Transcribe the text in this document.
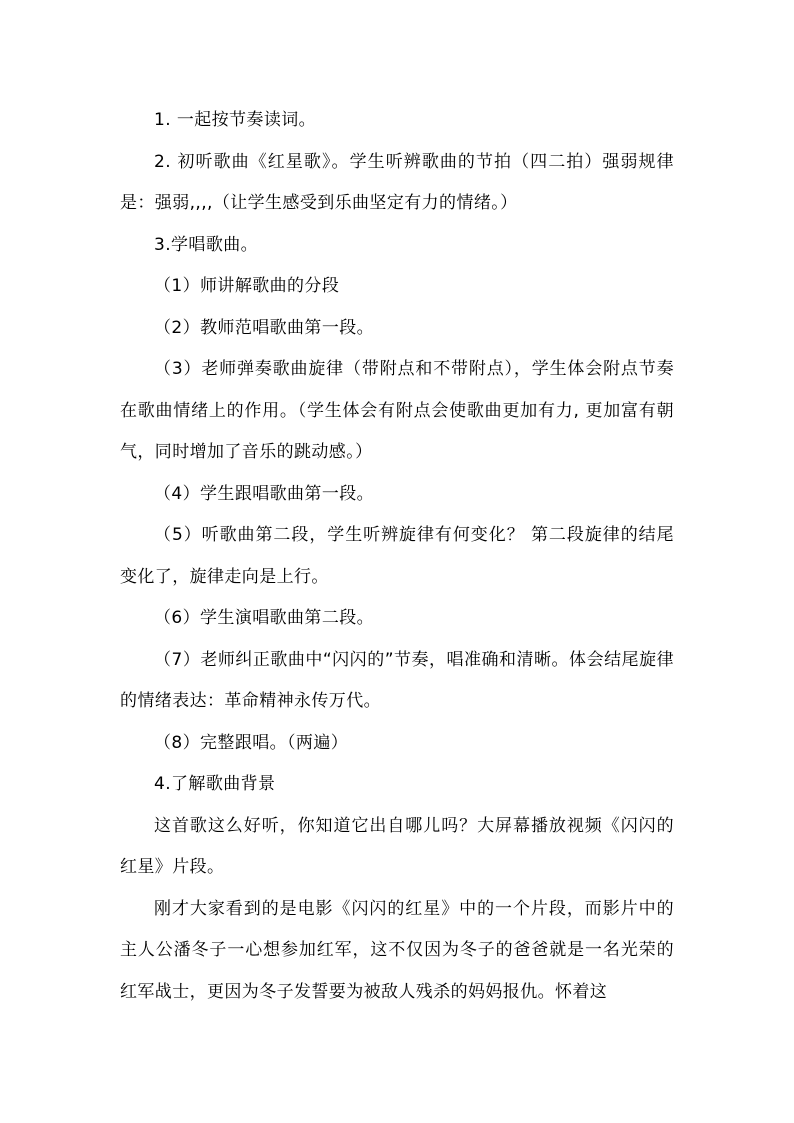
1. 一起按节奏读词。

2. 初听歌曲《红星歌》。学生听辨歌曲的节拍（四二拍）强弱规律是：强弱,,,,（让学生感受到乐曲坚定有力的情绪。）

3.学唱歌曲。

（1）师讲解歌曲的分段

（2）教师范唱歌曲第一段。

（3）老师弹奏歌曲旋律（带附点和不带附点），学生体会附点节奏在歌曲情绪上的作用。（学生体会有附点会使歌曲更加有力, 更加富有朝气，同时增加了音乐的跳动感。）

（4）学生跟唱歌曲第一段。

（5）听歌曲第二段，学生听辨旋律有何变化？ 第二段旋律的结尾变化了，旋律走向是上行。

（6）学生演唱歌曲第二段。

（7）老师纠正歌曲中“闪闪的”节奏，唱准确和清晰。体会结尾旋律的情绪表达：革命精神永传万代。

（8）完整跟唱。（两遍）

4.了解歌曲背景

这首歌这么好听，你知道它出自哪儿吗？大屏幕播放视频《闪闪的红星》片段。

刚才大家看到的是电影《闪闪的红星》中的一个片段，而影片中的主人公潘冬子一心想参加红军，这不仅因为冬子的爸爸就是一名光荣的红军战士，更因为冬子发誓要为被敌人残杀的妈妈报仇。怀着这
